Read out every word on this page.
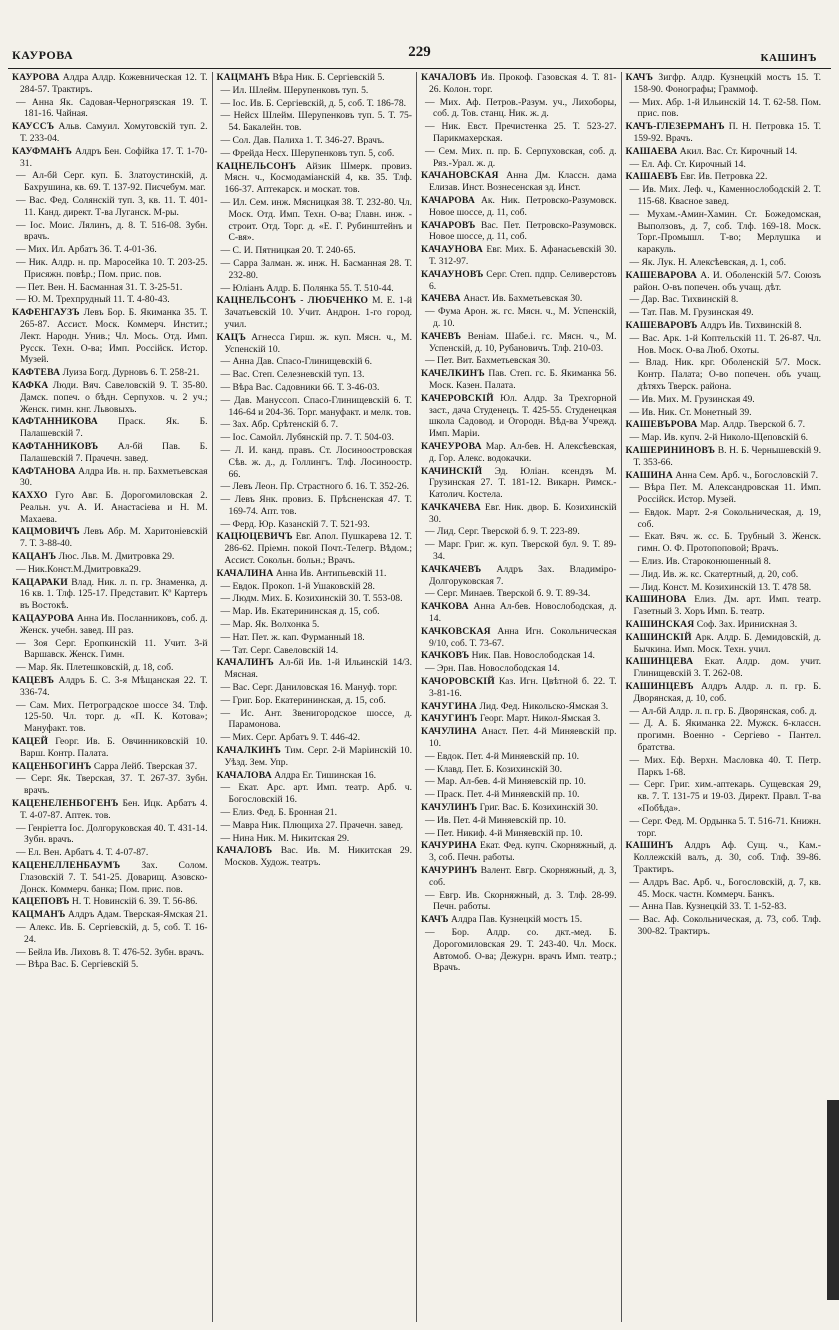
КАУРОВА	229	КАШИНЪ

КАУРОВА Алдра Алдр. Кожевническая 12. Т. 284-57. Трактиръ.

— Анна Як. Садовая-Черногрязская 19. Т. 181-16. Чайная.

КАУССЪ Альв. Самуил. Хомутовскій туп. 2. Т. 233-04.

КАУФМАНЪ Алдръ Бен. Софійка 17. Т. 1-70-31.

— Ал-бй Серг. куп. Б. Златоустинскій, д. Бахрушина, кв. 69. Т. 137-92. Писчебум. маг.

— Вас. Фед. Солянскій туп. 3, кв. 11. Т. 401-11. Канд. директ. Т-ва Луганск. М-ры.

— Іос. Моис. Лялинъ, д. 8. Т. 516-08. Зубн. врачъ.

— Мих. Ил. Арбатъ 36. Т. 4-01-36.

— Ник. Алдр. н. пр. Маросейка 10. Т. 203-25. Присяжн. повѣр.; Пом. прис. пов.

— Пет. Вен. Н. Басманная 31. Т. 3-25-51.

— Ю. М. Трехпрудный 11. Т. 4-80-43.

КАФЕНГАУЗЪ Левъ Бор. Б. Якиманка 35. Т. 265-87. Ассист. Моск. Коммерч. Инстит.; Лект. Народн. Унив.; Чл. Мось. Отд. Имп. Русск. Техн. О-ва; Имп. Россійск. Истор. Музей.

КАФТЕВА Луиза Богд. Дурновъ 6. Т. 258-21.

КАФКА Люди. Вяч. Савеловскій 9. Т. 35-80. Дамск. попеч. о бѣдн. Серпухов. ч. 2 уч.; Женск. гимн. кнг. Львовыхъ.

КАФТАННИКОВА Праск. Як. Б. Палашевскій 7.

КАФТАННИКОВЪ Ал-бй Пав. Б. Палашевскій 7. Прачечн. завед.

КАФТАНОВА Алдра Ив. н. пр. Бахметьевская 30.

КАХХО Гуго Авг. Б. Дорогомиловская 2. Реальн. уч. А. И. Анастасіева и Н. М. Махаева.

КАЦМОВИЧЪ Левъ Абр. М. Харитоніевскій 7. Т. 3-88-40.

КАЦАНЪ Люс. Льв. М. Дмитровка 29.

— Ник.Конст.М.Дмитровка29.

КАЦАРАКИ Влад. Ник. л. п. гр. Знаменка, д. 16 кв. 1. Тлф. 125-17. Представит. Кº Картеръ въ Востокѣ.

КАЦАУРОВА Анна Ив. Посланниковъ, соб. д. Женск. учебн. завед. III раз.

— Зоя Серг. Еропкинскій 11. Учит. 3-й Варшавск. Женск. Гимн.

— Мар. Як. Плетешковскій, д. 18, соб.

КАЦЕВЪ Алдръ Б. С. 3-я Мѣщанская 22. Т. 336-74.

— Сам. Мих. Петроградское шоссе 34. Тлф. 125-50. Чл. торг. д. «П. К. Котова»; Мануфакт. тов.

КАЦЕЙ Георг. Ив. Б. Овчинниковскій 10. Варш. Контр. Палата.

КАЦЕНБОГИНЪ Сарра Лейб. Тверская 37.

— Серг. Як. Тверская, 37. Т. 267-37. Зубн. врачъ.

КАЦЕНЕЛЕНБОГЕНЪ Бен. Ицк. Арбатъ 4. Т. 4-07-87. Аптек. тов.

— Генріетта Іос. Долгоруковская 40. Т. 431-14. Зубн. врачъ.

— Ел. Вен. Арбатъ 4. Т. 4-07-87.

КАЦЕНЕЛЛЕНБАУМЪ Зах. Солом. Глазовскій 7. Т. 541-25. Доварищ. Азовско-Донск. Коммерч. банка; Пом. прис. пов.

КАЦЕПОВЪ Н. Т. Новинскій 6. 39. Т. 56-86.

КАЦМАНЪ Алдръ Адам. Тверская-Ямская 21.

— Алекс. Ив. Б. Сергіевскій, д. 5, соб. Т. 16-24.

— Бейла Ив. Лиховъ 8. Т. 476-52. Зубн. врачъ.

— Вѣра Вас. Б. Сергіевскій 5.

КАЦМАНЪ Вѣра Ник. Б. Сергіевскій 5.

— Ил. Шлейм. Шерупенковъ туп. 5.

— Іос. Ив. Б. Сергіевскій, д. 5, соб. Т. 186-78.

— Нейсх Шлейм. Шерупенковъ туп. 5. Т. 75-54. Бакалейн. тов.

— Сол. Дав. Палиха 1. Т. 346-27. Врачъ.

— Фрейда Несх. Шерупенковъ туп. 5, соб.

КАЦНЕЛЬСОНЪ Айзик Шмерк. провиз. Мясн. ч., Космодаміанскій 4, кв. 35. Тлф. 166-37. Аптекарск. и москат. тов.

— Ил. Сем. инж. Мясницкая 38. Т. 232-80. Чл. Моск. Отд. Имп. Техн. О-ва; Главн. инж. - строит. Отд. Торг. д. «Е. Г. Рубинштейнъ и С-вя».

— С. И. Пятницкая 20. Т. 240-65.

— Сарра Залман. ж. инж. Н. Басманная 28. Т. 232-80.

— Юліанъ Алдр. Б. Полянка 55. Т. 510-44.

КАЦНЕЛЬСОНЪ - ЛЮБЧЕНКО М. Е. 1-й Зачатьевскій 10. Учит. Андрон. 1-го город. учил.

КАЦЪ Агнесса Гирш. ж. куп. Мясн. ч., М. Успенскій 10.

— Анна Дав. Спасо-Глинищевскій 6.

— Вас. Степ. Селезневскій туп. 13.

— Вѣра Вас. Садовники 66. Т. 3-46-03.

— Дав. Мануссоп. Спасо-Глинищевскій 6. Т. 146-64 и 204-36. Торг. мануфакт. и мелк. тов.

— Зах. Абр. Срѣтенскій б. 7.

— Іос. Самойл. Лубянскій пр. 7. Т. 504-03.

— Л. И. канд. правъ. Ст. Лосиноостровская Сѣв. ж. д., д. Голлингъ. Тлф. Лосиноостр. 66.

— Левъ Леон. Пр. Страстного б. 16. Т. 352-26.

— Левъ Янк. провиз. Б. Прѣсненская 47. Т. 169-74. Апт. тов.

— Ферд. Юр. Казанскій 7. Т. 521-93.

КАЦЮЦЕВИЧЪ Евг. Апол. Пушкарева 12. Т. 286-62. Пріемн. покой Почт.-Телегр. Вѣдом.; Ассист. Сокольн. больн.; Врачъ.

КАЧАЛИНА Анна Ив. Антипьевскій 11.

— Евдок. Прокоп. 1-й Ушаковскій 28.

— Людм. Мих. Б. Козихинскій 30. Т. 553-08.

— Мар. Ив. Екатерининская д. 15, соб.

— Мар. Як. Волхонка 5.

— Нат. Пет. ж. кап. Фурманный 18.

— Тат. Серг. Савеловскій 14.

КАЧАЛИНЪ Ал-бй Ив. 1-й Ильинскій 14/3. Мясная.

— Вас. Серг. Даниловская 16. Мануф. торг.

— Григ. Бор. Екатерининская, д. 15, соб.

— Ис. Ант. Звенигородское шоссе, д. Парамонова.

— Мих. Серг. Арбатъ 9. Т. 446-42.

КАЧАЛКИНЪ Тим. Серг. 2-й Маріинскій 10. Уѣзд. Зем. Упр.

КАЧАЛОВА Алдра Ег. Тишинская 16.

— Екат. Арс. арт. Имп. театр. Арб. ч. Богословскій 16.

— Елиз. Фед. Б. Бронная 21.

— Мавра Ник. Плющиха 27. Прачечн. завед.

— Нина Ник. М. Никитская 29.

КАЧАЛОВЪ Вас. Ив. М. Никитская 29. Москов. Худож. театръ.

КАЧАЛОВЪ Ив. Прокоф. Газовская 4. Т. 81-26. Колон. торг.

— Мих. Аф. Петров.-Разум. уч., Лихоборы, соб. д. Тов. станц. Ник. ж. д.

— Ник. Евст. Пречистенка 25. Т. 523-27. Парикмахерская.

— Сем. Мих. п. пр. Б. Серпуховская, соб. д. Ряз.-Урал. ж. д.

КАЧАНОВСКАЯ Анна Дм. Классн. дама Елизав. Инст. Вознесенская зд. Инст.

КАЧАРОВА Ак. Ник. Петровско-Разумовск. Новое шоссе, д. 11, соб.

КАЧАРОВЪ Вас. Пет. Петровско-Разумовск. Новое шоссе, д. 11, соб.

КАЧАУНОВА Евг. Мих. Б. Афанасьевскій 30. Т. 312-97.

КАЧАУНОВЪ Серг. Степ. пдпр. Селиверстовъ 6.

КАЧЕВА Анаст. Ив. Бахметьевская 30.

— Фума Арон. ж. гс. Мясн. ч., М. Успенскій, д. 10.

КАЧЕВЪ Веніам. Шабе.і. гс. Мясн. ч., М. Успенскій, д. 10, Рубановичъ. Тлф. 210-03.

— Пет. Вит. Бахметьевская 30.

КАЧЕЛКИНЪ Пав. Степ. гс. Б. Якиманка 56. Моск. Казен. Палата.

КАЧЕРОВСКІЙ Юл. Алдр. За Трехгорной заст., дача Студенецъ. Т. 425-55. Студенецкая школа Садовод. и Огородн. Вѣд-ва Учрежд. Имп. Маріи.

КАЧЕУРОВА Мар. Ал-бев. Н. Алексѣевская, д. Гор. Алекс. водокачки.

КАЧИНСКІЙ Эд. Юліан. ксендзъ М. Грузинская 27. Т. 181-12. Викарн. Римск.-Католич. Костела.

КАЧКАЧЕВА Евг. Ник. двор. Б. Козихинскій 30.

— Лид. Серг. Тверской б. 9. Т. 223-89.

— Марг. Григ. ж. куп. Тверской бул. 9. Т. 89-34.

КАЧКАЧЕВЪ Алдръ Зах. Владиміро-Долгоруковская 7.

— Серг. Минаев. Тверской б. 9. Т. 89-34.

КАЧКОВА Анна Ал-бев. Новослободская, д. 14.

КАЧКОВСКАЯ Анна Игн. Сокольническая 9/10, соб. Т. 73-67.

КАЧКОВЪ Ник. Пав. Новослободская 14.

— Эрн. Пав. Новослободская 14.

КАЧОРОВСКІЙ Каз. Игн. Цвѣтной б. 22. Т. 3-81-16.

КАЧУГИНА Лид. Фед. Никольско-Ямская 3.

КАЧУГИНЪ Георг. Март. Никол-Ямская 3.

КАЧУЛИНА Анаст. Пет. 4-й Миняевскій пр. 10.

— Евдок. Пет. 4-й Миняевскій пр. 10.

— Клавд. Пет. Б. Козихинскій 30.

— Мар. Ал-бев. 4-й Миняевскій пр. 10.

— Праск. Пет. 4-й Миняевскій пр. 10.

КАЧУЛИНЪ Григ. Вас. Б. Козихинскій 30.

— Ив. Пет. 4-й Миняевскій пр. 10.

— Пет. Никиф. 4-й Миняевскій пр. 10.

КАЧУРИНА Екат. Фед. купч. Скорняжный, д. 3, соб. Печн. работы.

КАЧУРИНЪ Валент. Евгр. Скорняжный, д. 3, соб.

— Евгр. Ив. Скорняжный, д. 3. Тлф. 28-99. Печн. работы.

КАЧЪ Алдра Пав. Кузнецкій мостъ 15.

— Бор. Алдр. со. дкт.-мед. Б. Дорогомиловская 29. Т. 243-40. Чл. Моск. Автомоб. О-ва; Дежурн. врачъ Имп. театр.; Врачъ.

КАЧЪ Зигфр. Алдр. Кузнецкій мостъ 15. Т. 158-90. Фонографы; Граммоф.

— Мих. Абр. 1-й Ильинскій 14. Т. 62-58. Пом. прис. пов.

КАЧЪ-ГЛЕЗЕРМАНЪ П. Н. Петровка 15. Т. 159-92. Врачъ.

КАШАЕВА Акил. Вас. Ст. Кирочный 14.

— Ел. Аф. Ст. Кирочный 14.

КАШАЕВЪ Евг. Ив. Петровка 22.

— Ив. Мих. Леф. ч., Каменнослободскій 2. Т. 115-68. Квасное завед.

— Мухам.-Амин-Хамин. Ст. Божедомская, Выползовъ, д. 7, соб. Тлф. 169-18. Моск. Торг.-Промышл. Т-во; Мерлушка и каракуль.

— Як. Лук. Н. Алексѣевская, д. 1, соб.

КАШЕВАРОВА А. И. Оболенскій 5/7. Союзъ район. О-въ попечен. объ учащ. дѣт.

— Дар. Вас. Тихвинскій 8.

— Тат. Пав. М. Грузинская 49.

КАШЕВАРОВЪ Алдръ Ив. Тихвинскій 8.

— Вас. Арк. 1-й Коптельскій 11. Т. 26-87. Чл. Нов. Моск. О-ва Люб. Охоты.

— Влад. Ник. крг. Оболенскій 5/7. Моск. Контр. Палата; О-во попечен. объ учащ. дѣтяхъ Тверск. района.

— Ив. Мих. М. Грузинская 49.

— Ив. Ник. Ст. Монетный 39.

КАШЕВЪРОВА Мар. Алдр. Тверской б. 7.

— Мар. Ив. купч. 2-й Николо-Щеповскій 6.

КАШЕРИНИНОВЪ В. Н. Б. Чернышевскій 9. Т. 353-66.

КАШИНА Анна Сем. Арб. ч., Богословскій 7.

— Вѣра Пет. М. Александровская 11. Имп. Россійск. Истор. Музей.

— Евдок. Март. 2-я Сокольническая, д. 19, соб.

— Екат. Вяч. ж. сс. Б. Трубный 3. Женск. гимн. О. Ф. Протопоповой; Врачъ.

— Елиз. Ив. Староконюшенный 8.

— Лид. Ив. ж. кс. Скатертный, д. 20, соб.

— Лид. Конст. М. Козихинскій 13. Т. 478 58.

КАШИНОВА Елиз. Дм. арт. Имп. театр. Газетный 3. Хоръ Имп. Б. театр.

КАШИНСКАЯ Соф. Зах. Иринискная 3.

КАШИНСКІЙ Арк. Алдр. Б. Демидовскій, д. Бычкина. Имп. Моск. Техн. учил.

КАШИНЦЕВА Екат. Алдр. дом. учит. Глинищевскій 3. Т. 262-08.

КАШИНЦЕВЪ Алдръ Алдр. л. п. гр. Б. Дворянская, д. 10, соб.

— Ал-бй Алдр. л. п. гр. Б. Дворянская, соб. д.

— Д. А. Б. Якиманка 22. Мужск. 6-классн. прогимн. Военно - Сергіево - Пантел. братства.

— Мих. Еф. Верхн. Масловка 40. Т. Петр. Паркъ 1-68.

— Серг. Григ. хим.-аптекарь. Сущевская 29, кв. 7. Т. 131-75 и 19-03. Директ. Правл. Т-ва «Побѣда».

— Серг. Фед. М. Ордынка 5. Т. 516-71. Книжн. торг.

КАШИНЪ Алдръ Аф. Сущ. ч., Кам.-Коллежскій валъ, д. 30, соб. Тлф. 39-86. Трактиръ.

— Алдръ Вас. Арб. ч., Богословскій, д. 7, кв. 45. Моск. частн. Коммерч. Банкъ.

— Анна Пав. Кузнецкій 33. Т. 1-52-83.

— Вас. Аф. Сокольническая, д. 73, соб. Тлф. 300-82. Трактиръ.
